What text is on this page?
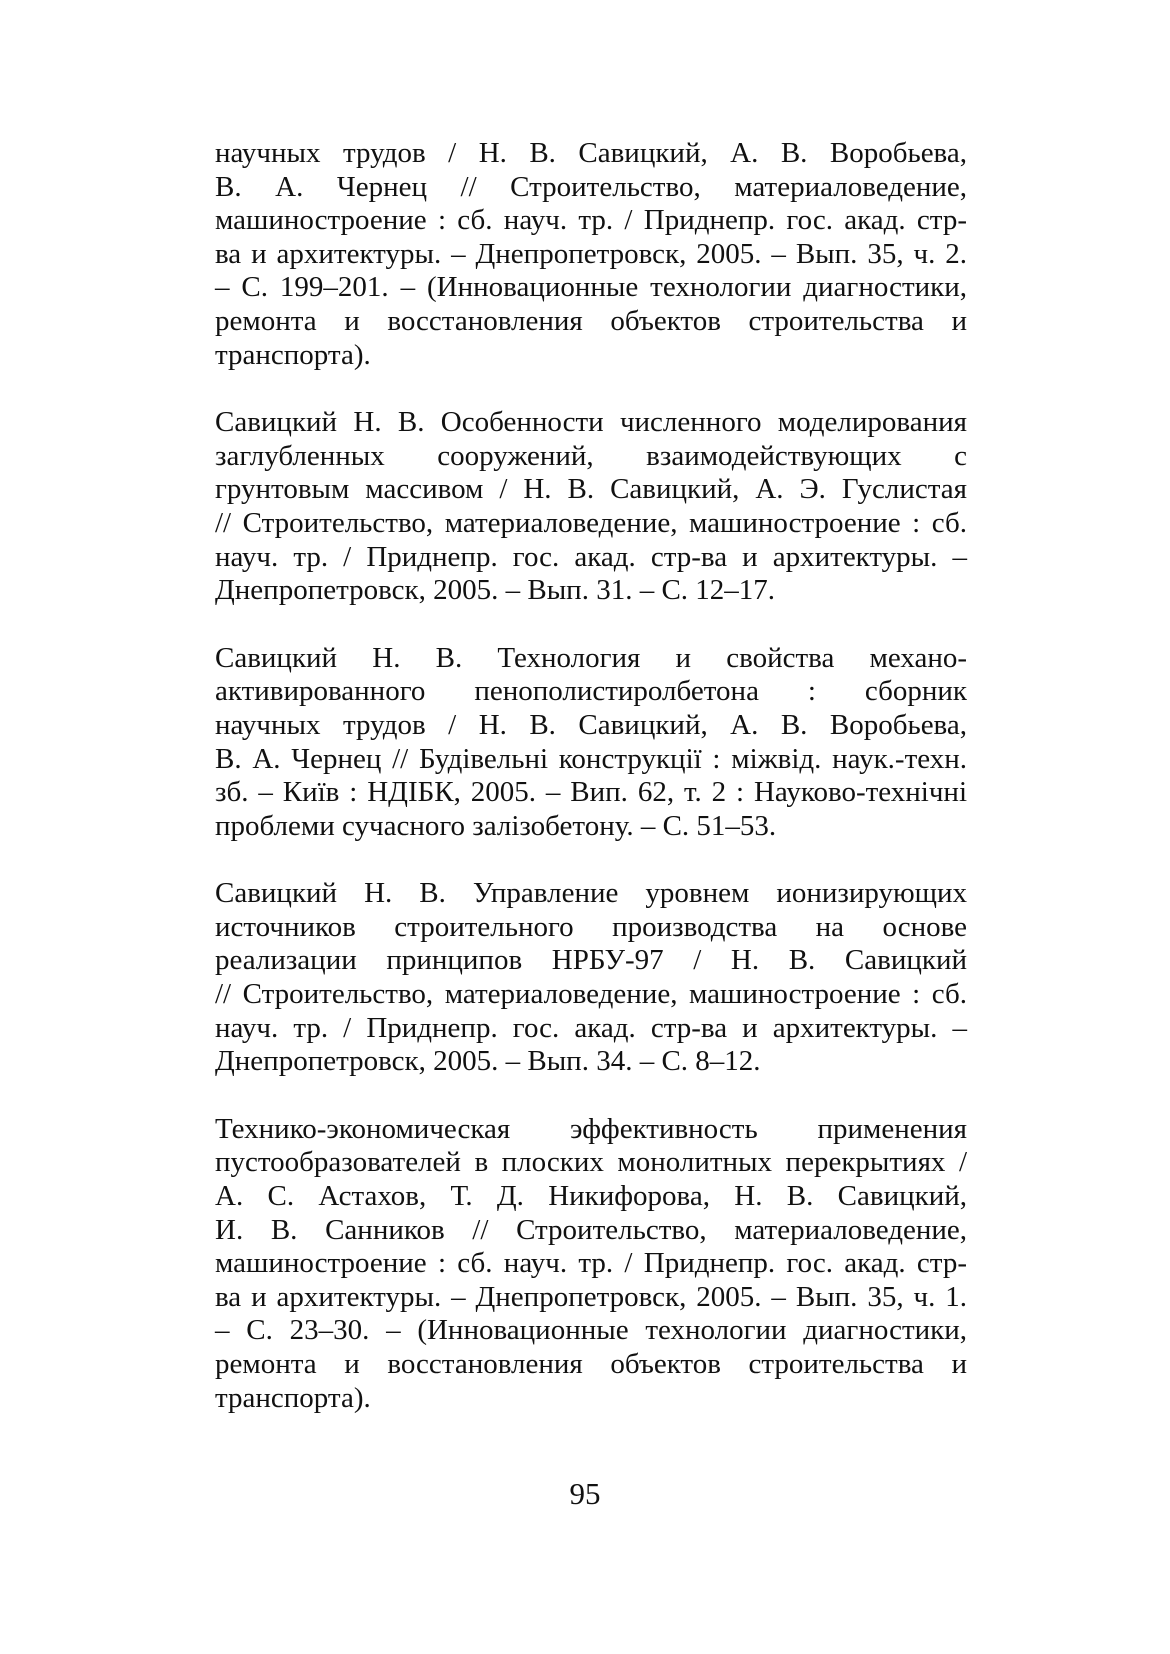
научных трудов / Н. В. Савицкий, А. В. Воробьева,
В. А. Чернец // Строительство, материаловедение,
машиностроение : сб. науч. тр. / Приднепр. гос. акад. стр-
ва и архитектуры. – Днепропетровск, 2005. – Вып. 35, ч. 2.
– С. 199–201. – (Инновационные технологии диагностики,
ремонта и восстановления объектов строительства и
транспорта).
Савицкий Н. В. Особенности численного моделирования
заглубленных сооружений, взаимодействующих с
грунтовым массивом / Н. В. Савицкий, А. Э. Гуслистая
// Строительство, материаловедение, машиностроение : сб.
науч. тр. / Приднепр. гос. акад. стр-ва и архитектуры. –
Днепропетровск, 2005. – Вып. 31. – С. 12–17.
Савицкий Н. В. Технология и свойства механо-
активированного пенополистиролбетона : сборник
научных трудов / Н. В. Савицкий, А. В. Воробьева,
В. А. Чернец // Будівельні конструкції : міжвід. наук.-техн.
зб. – Київ : НДІБК, 2005. – Вип. 62, т. 2 : Науково-технічні
проблеми сучасного залізобетону. – С. 51–53.
Савицкий Н. В. Управление уровнем ионизирующих
источников строительного производства на основе
реализации принципов НРБУ-97 / Н. В. Савицкий
// Строительство, материаловедение, машиностроение : сб.
науч. тр. / Приднепр. гос. акад. стр-ва и архитектуры. –
Днепропетровск, 2005. – Вып. 34. – С. 8–12.
Технико-экономическая эффективность применения
пустообразователей в плоских монолитных перекрытиях /
А. С. Астахов, Т. Д. Никифорова, Н. В. Савицкий,
И. В. Санников // Строительство, материаловедение,
машиностроение : сб. науч. тр. / Приднепр. гос. акад. стр-
ва и архитектуры. – Днепропетровск, 2005. – Вып. 35, ч. 1.
– С. 23–30. – (Инновационные технологии диагностики,
ремонта и восстановления объектов строительства и
транспорта).
95
